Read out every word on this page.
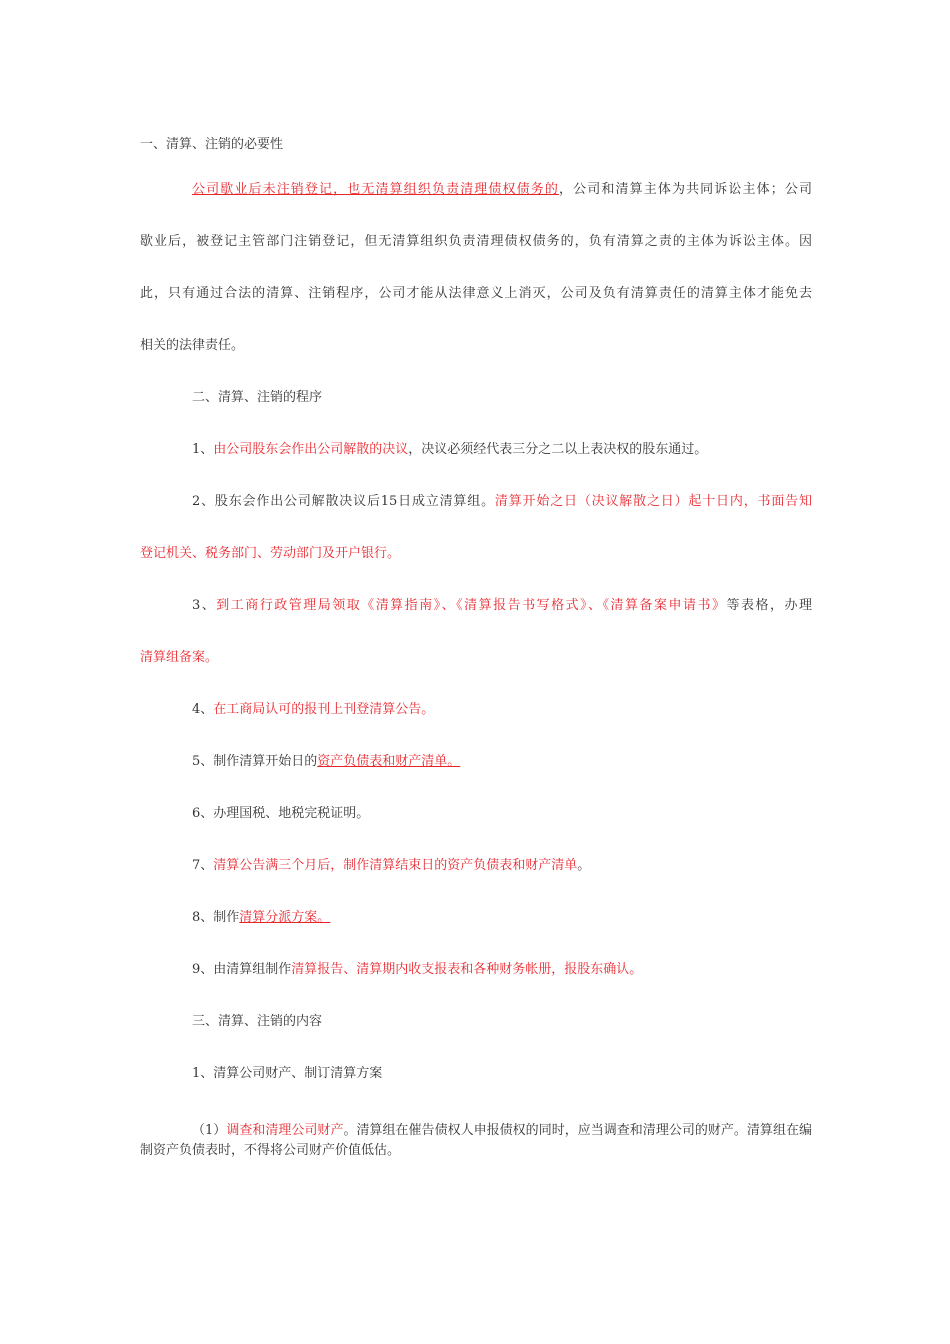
一、清算、注销的必要性

公司歇业后未注销登记，也无清算组织负责清理债权债务的，公司和清算主体为共同诉讼主体；公司

歇业后，被登记主管部门注销登记，但无清算组织负责清理债权债务的，负有清算之责的主体为诉讼主体。因

此，只有通过合法的清算、注销程序，公司才能从法律意义上消灭，公司及负有清算责任的清算主体才能免去

相关的法律责任。

二、清算、注销的程序

1、由公司股东会作出公司解散的决议，决议必须经代表三分之二以上表决权的股东通过。

2、股东会作出公司解散决议后15日成立清算组。清算开始之日（决议解散之日）起十日内，书面告知

登记机关、税务部门、劳动部门及开户银行。

3、到工商行政管理局领取《清算指南》、《清算报告书写格式》、《清算备案申请书》等表格，办理

清算组备案。

4、在工商局认可的报刊上刊登清算公告。

5、制作清算开始日的资产负债表和财产清单。

6、办理国税、地税完税证明。

7、清算公告满三个月后，制作清算结束日的资产负债表和财产清单。

8、制作清算分派方案。

9、由清算组制作清算报告、清算期内收支报表和各种财务帐册，报股东确认。

三、清算、注销的内容

1、清算公司财产、制订清算方案

（1）调查和清理公司财产。清算组在催告债权人申报债权的同时，应当调查和清理公司的财产。清算组在编制资产负债表时，不得将公司财产价值低估。
